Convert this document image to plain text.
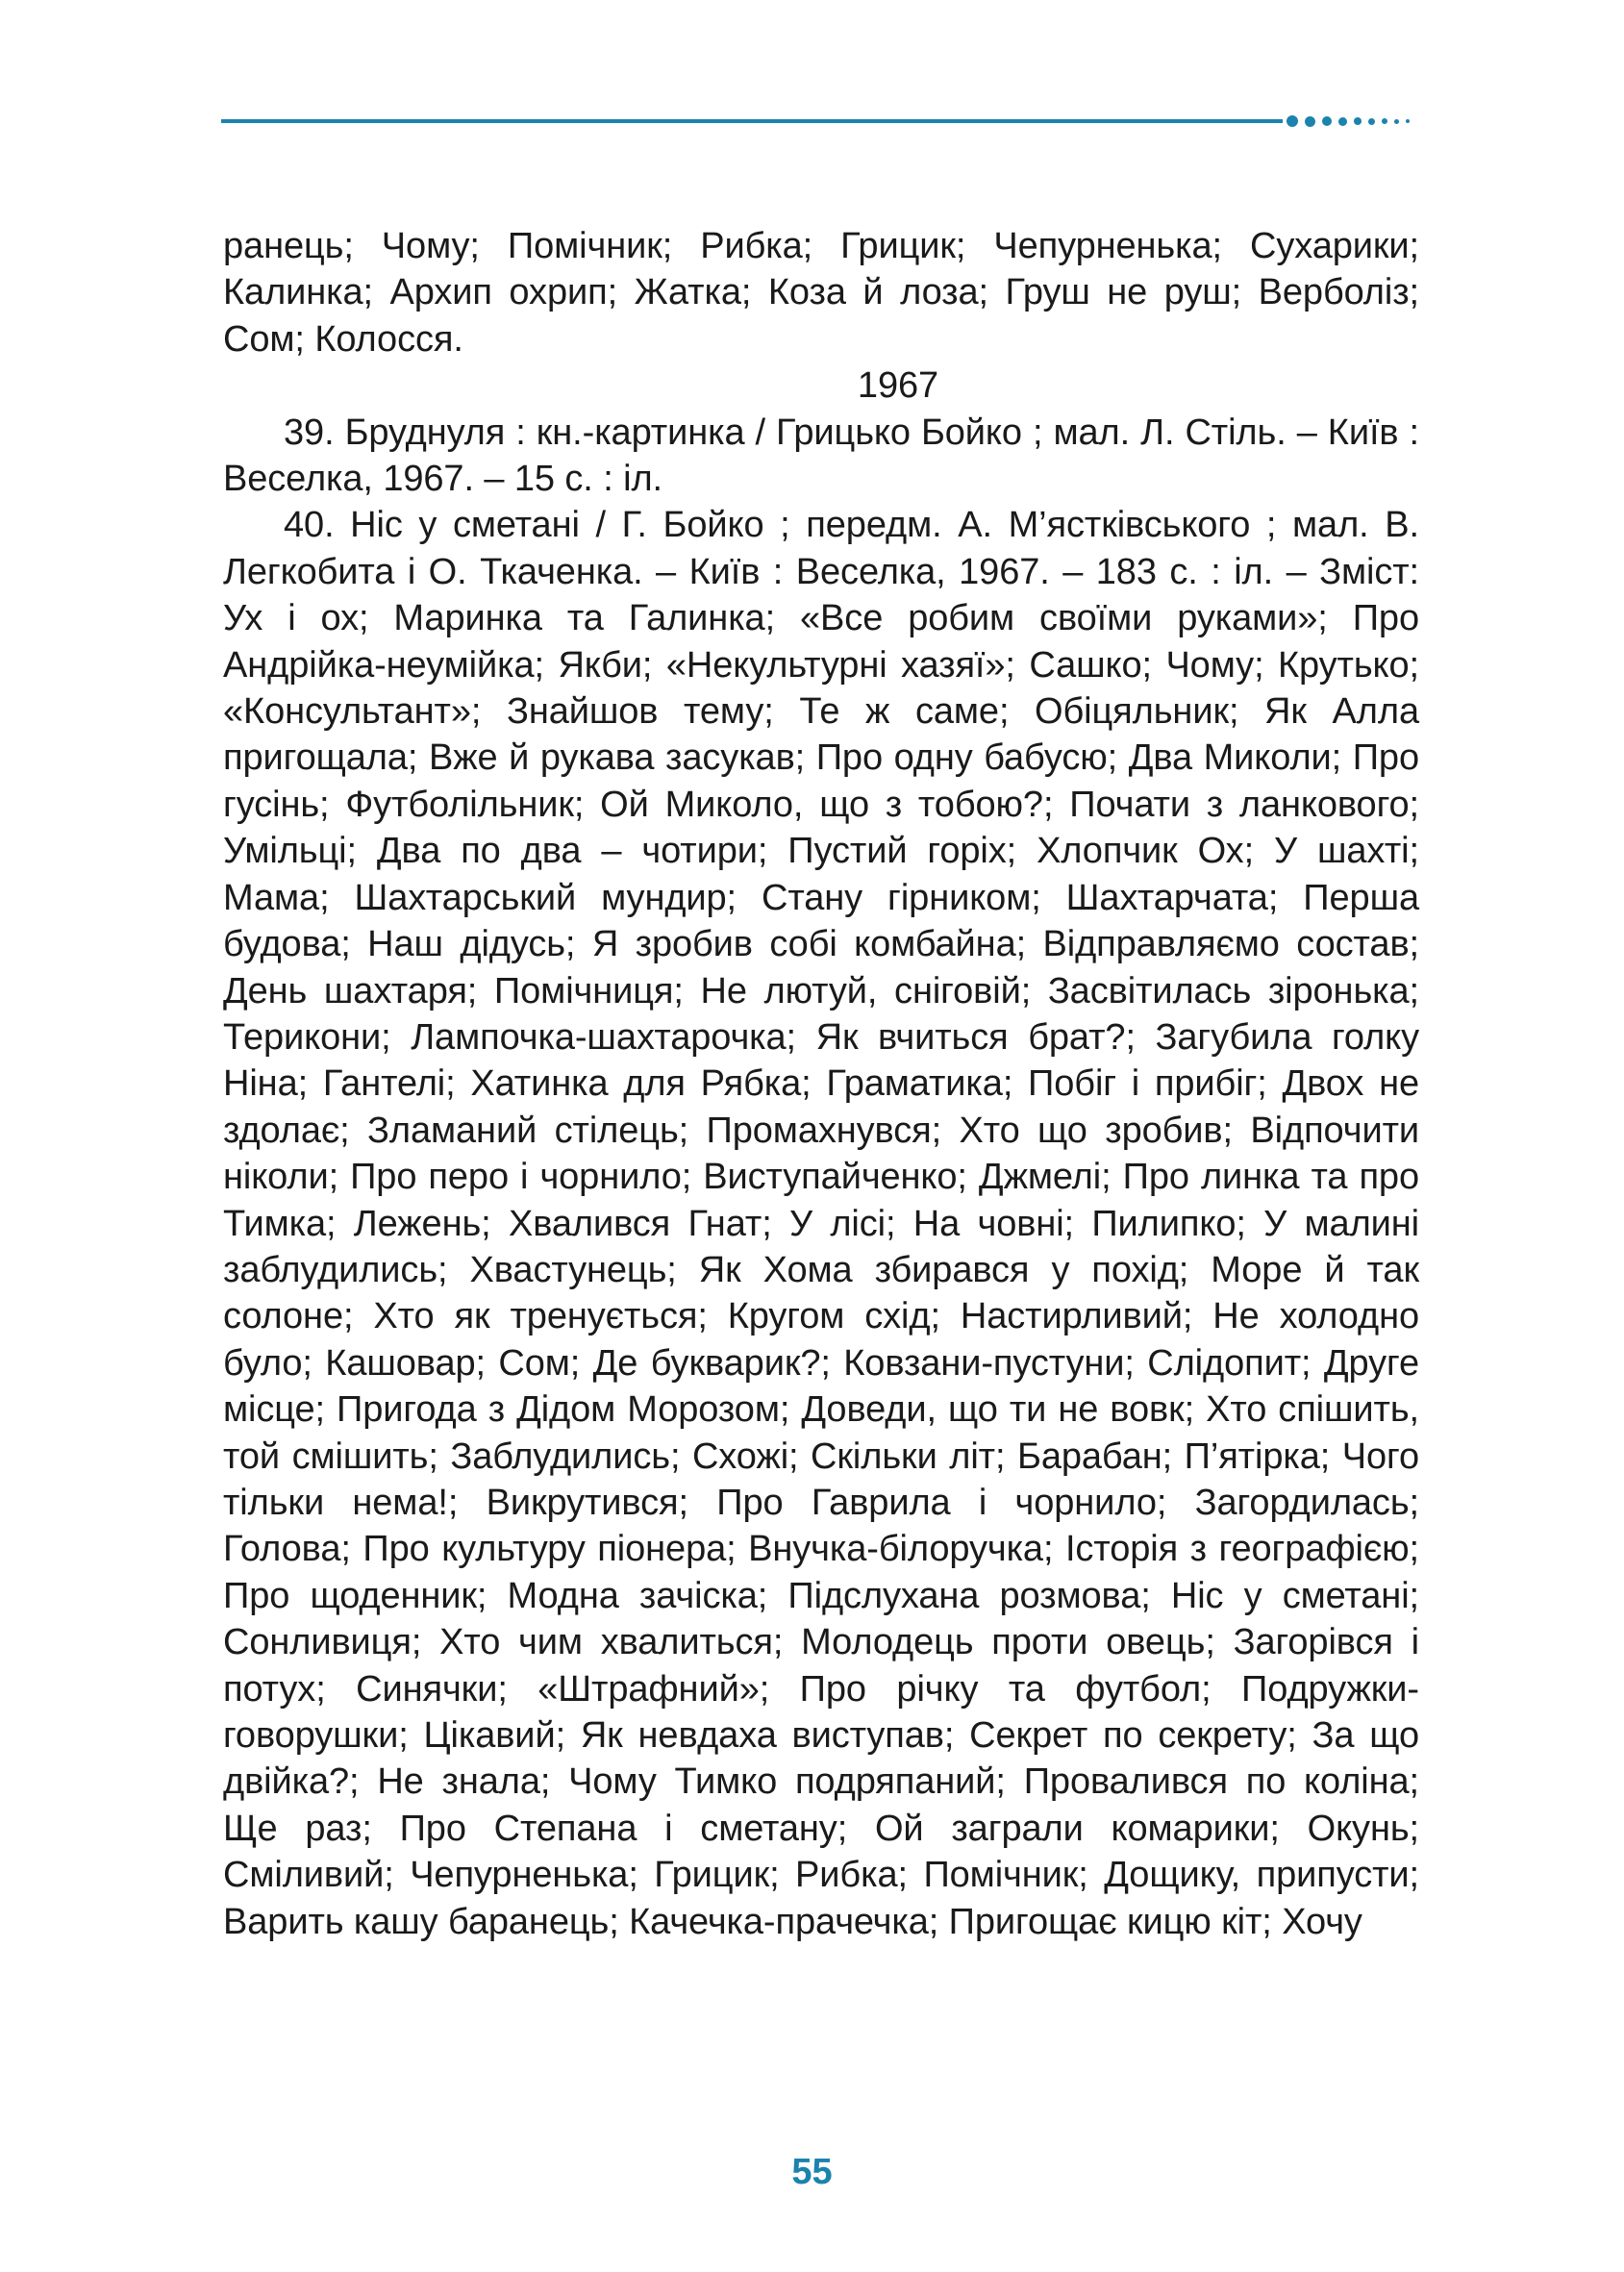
ранець; Чому; Помічник; Рибка; Грицик; Чепурненька; Сухарики; Калинка; Архип охрип; Жатка; Коза й лоза; Груш не руш; Верболіз; Сом; Колосся.

1967

39. Бруднуля : кн.-картинка / Грицько Бойко ; мал. Л. Стіль. – Київ : Веселка, 1967. – 15 с. : іл.

40. Ніс у сметані / Г. Бойко ; передм. А. М’ястківського ; мал. В. Легкобита і О. Ткаченка. – Київ : Веселка, 1967. – 183 с. : іл. – Зміст: Ух і ох; Маринка та Галинка; «Все робим своїми руками»; Про Андрійка-неумійка; Якби; «Некультурні хазяї»; Сашко; Чому; Крутько; «Консультант»; Знайшов тему; Те ж саме; Обіцяльник; Як Алла пригощала; Вже й рукава засукав; Про одну бабусю; Два Миколи; Про гусінь; Футболільник; Ой Миколо, що з тобою?; Почати з ланкового; Умільці; Два по два – чотири; Пустий горіх; Хлопчик Ох; У шахті; Мама; Шахтарський мундир; Стану гірником; Шахтарчата; Перша будова; Наш дідусь; Я зробив собі комбайна; Відправляємо состав; День шахтаря; Помічниця; Не лютуй, сніговій; Засвітилась зіронька; Терикони; Лампочка-шахтарочка; Як вчиться брат?; Загубила голку Ніна; Гантелі; Хатинка для Рябка; Граматика; Побіг і прибіг; Двох не здолає; Зламаний стілець; Промахнувся; Хто що зробив; Відпочити ніколи; Про перо і чорнило; Виступайченко; Джмелі; Про линка та про Тимка; Лежень; Хвалився Гнат; У лісі; На човні; Пилипко; У малині заблудились; Хвастунець; Як Хома збирався у похід; Море й так солоне; Хто як тренується; Кругом схід; Настирливий; Не холодно було; Кашовар; Сом; Де букварик?; Ковзани-пустуни; Слідопит; Друге місце; Пригода з Дідом Морозом; Доведи, що ти не вовк; Хто спішить, той смішить; Заблудились; Схожі; Скільки літ; Барабан; П’ятірка; Чого тільки нема!; Викрутився; Про Гаврила і чорнило; Загордилась; Голова; Про культуру піонера; Внучка-білоручка; Історія з географією; Про щоденник; Модна зачіска; Підслухана розмова; Ніс у сметані; Сонливиця; Хто чим хвалиться; Молодець проти овець; Загорівся і потух; Синячки; «Штрафний»; Про річку та футбол; Подружки-говорушки; Цікавий; Як невдаха виступав; Секрет по секрету; За що двійка?; Не знала; Чому Тимко подряпаний; Провалився по коліна; Ще раз; Про Степана і сметану; Ой заграли комарики; Окунь; Сміливий; Чепурненька; Грицик; Рибка; Помічник; Дощику, припусти; Варить кашу баранець; Качечка-прачечка; Пригощає кицю кіт; Хочу

55
